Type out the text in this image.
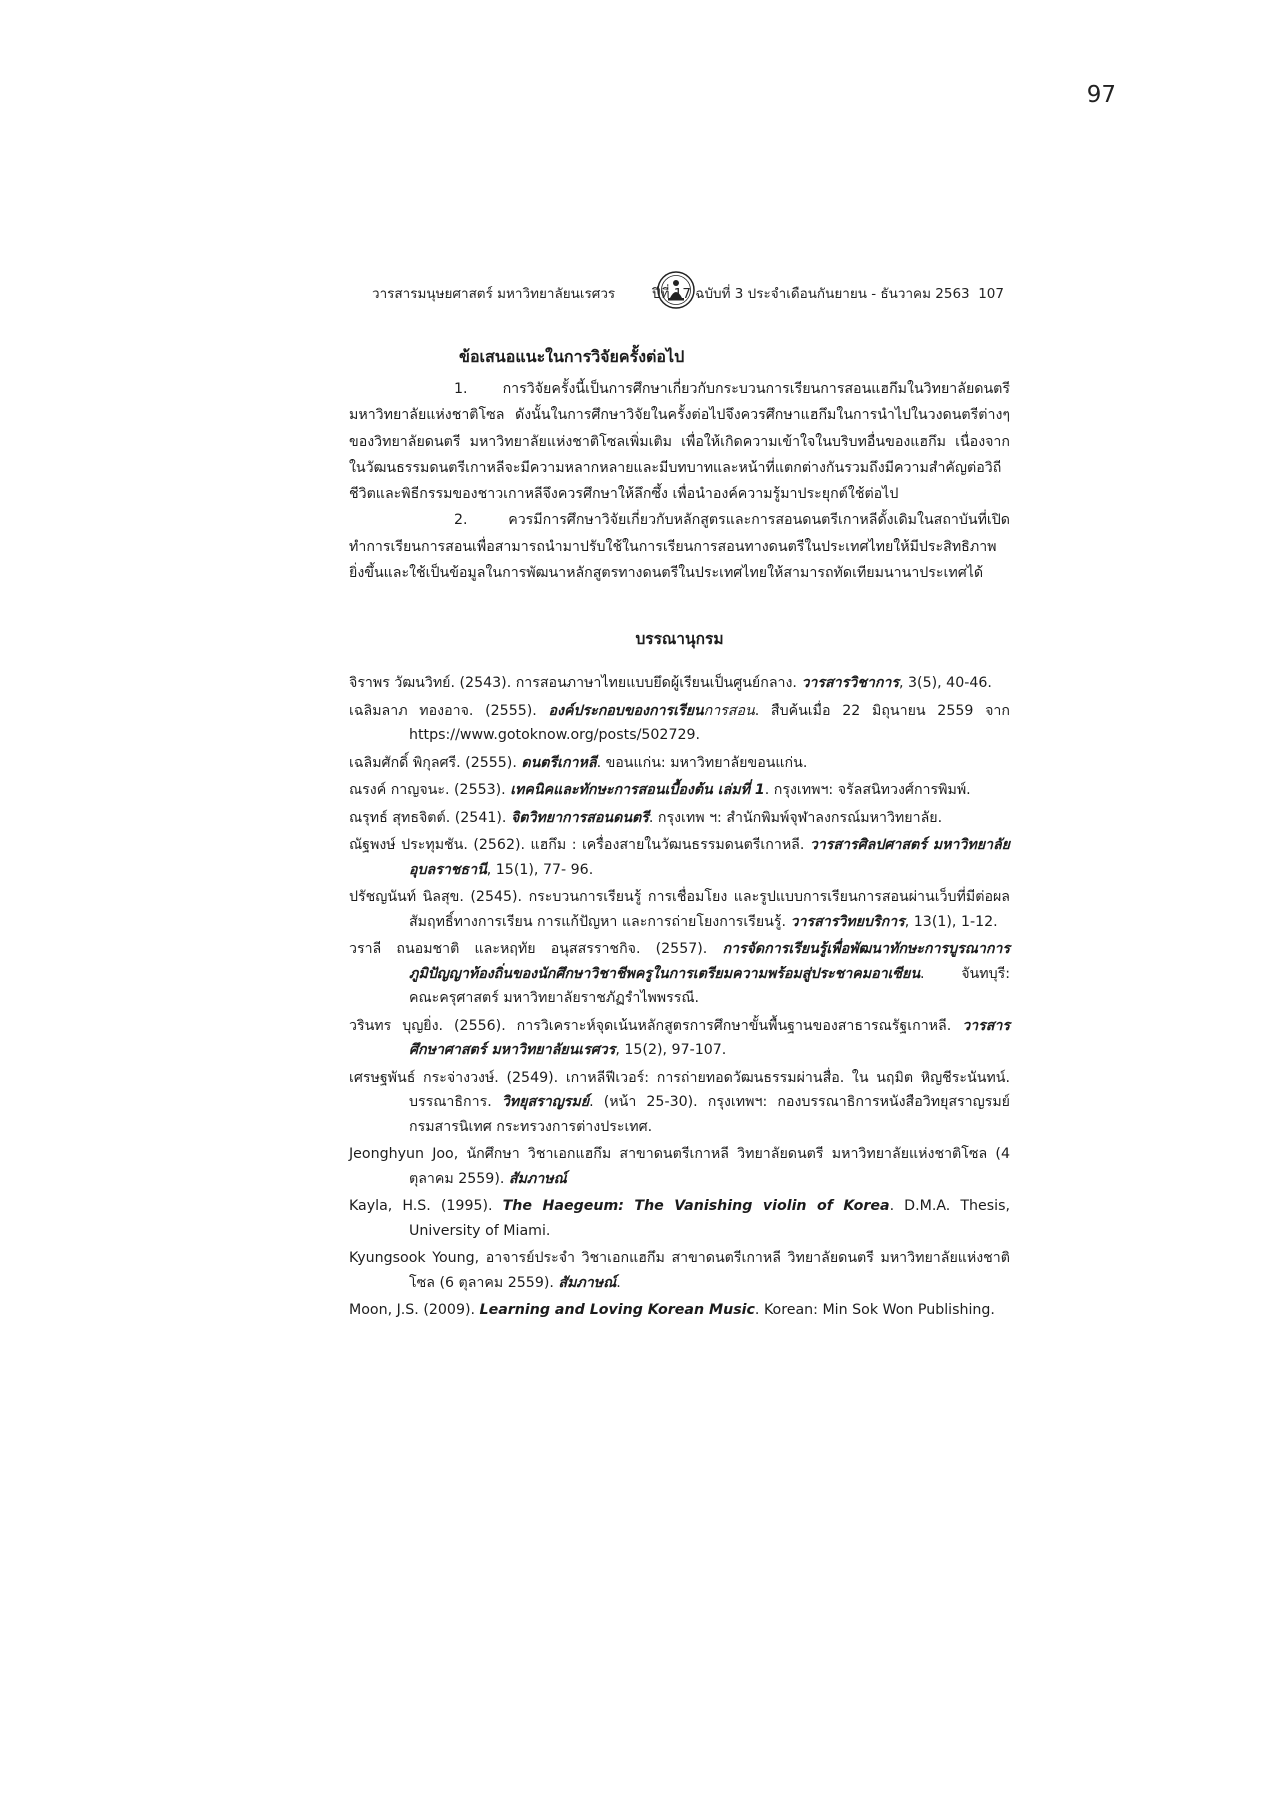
97
วารสารมนุษยศาสตร์ มหาวิทยาลัยนเรศวร	ปีที่ 17 ฉบับที่ 3 ประจำเดือนกันยายน - ธันวาคม 2563 107
ข้อเสนอแนะในการวิจัยครั้งต่อไป

1. การวิจัยครั้งนี้เป็นการศึกษาเกี่ยวกับกระบวนการเรียนการสอนแฮกึมในวิทยาลัยดนตรี มหาวิทยาลัยแห่งชาติโซล ดังนั้นในการศึกษาวิจัยในครั้งต่อไปจึงควรศึกษาแฮกึมในการนำไปในวงดนตรีต่างๆ ของวิทยาลัยดนตรี มหาวิทยาลัยแห่งชาติโซลเพิ่มเติม เพื่อให้เกิดความเข้าใจในบริบทอื่นของแฮกึม เนื่องจากในวัฒนธรรมดนตรีเกาหลีจะมีความหลากหลายและมีบทบาทและหน้าที่แตกต่างกันรวมถึงมีความสำคัญต่อวิถีชีวิตและพิธีกรรมของชาวเกาหลีจึงควรศึกษาให้ลึกซึ้ง เพื่อนำองค์ความรู้มาประยุกต์ใช้ต่อไป

2.	ควรมีการศึกษาวิจัยเกี่ยวกับหลักสูตรและการสอนดนตรีเกาหลีดั้งเดิมในสถาบันที่เปิดทำการเรียนการสอนเพื่อสามารถนำมาปรับใช้ในการเรียนการสอนทางดนตรีในประเทศไทยให้มีประสิทธิภาพยิ่งขึ้นและใช้เป็นข้อมูลในการพัฒนาหลักสูตรทางดนตรีในประเทศไทยให้สามารถทัดเทียมนานาประเทศได้

บรรณานุกรม

จิราพร วัฒนวิทย์. (2543). การสอนภาษาไทยแบบยึดผู้เรียนเป็นศูนย์กลาง. วารสารวิชาการ, 3(5), 40-46.

เฉลิมลาภ ทองอาจ. (2555). องค์ประกอบของการเรียนการสอน. สืบค้นเมื่อ 22 มิถุนายน 2559 จาก https://www.gotoknow.org/posts/502729.

เฉลิมศักดิ์ พิกุลศรี. (2555). ดนตรีเกาหลี. ขอนแก่น: มหาวิทยาลัยขอนแก่น.

ณรงค์ กาญจนะ. (2553). เทคนิคและทักษะการสอนเบื้องต้น เล่มที่ 1. กรุงเทพฯ: จรัลสนิทวงศ์การพิมพ์.

ณรุทธ์ สุทธจิตต์. (2541). จิตวิทยาการสอนดนตรี. กรุงเทพ ฯ: สำนักพิมพ์จุฬาลงกรณ์มหาวิทยาลัย.

ณัฐพงษ์ ประทุมชัน. (2562). แฮกึม : เครื่องสายในวัฒนธรรมดนตรีเกาหลี. วารสารศิลปศาสตร์ มหาวิทยาลัยอุบลราชธานี, 15(1), 77- 96.

ปรัชญนันท์ นิลสุข. (2545). กระบวนการเรียนรู้ การเชื่อมโยง และรูปแบบการเรียนการสอนผ่านเว็บที่มีต่อผลสัมฤทธิ์ทางการเรียน การแก้ปัญหา และการถ่ายโยงการเรียนรู้. วารสารวิทยบริการ, 13(1), 1-12.

วราลี ถนอมชาติ และหฤทัย อนุสสรราชกิจ. (2557). การจัดการเรียนรู้เพื่อพัฒนาทักษะการบูรณาการภูมิปัญญาท้องถิ่นของนักศึกษาวิชาชีพครูในการเตรียมความพร้อมสู่ประชาคมอาเซียน. จันทบุรี: คณะครุศาสตร์ มหาวิทยาลัยราชภัฏรำไพพรรณี.

วรินทร บุญยิ่ง. (2556). การวิเคราะห์จุดเน้นหลักสูตรการศึกษาขั้นพื้นฐานของสาธารณรัฐเกาหลี. วารสารศึกษาศาสตร์ มหาวิทยาลัยนเรศวร, 15(2), 97-107.

เศรษฐพันธ์ กระจ่างวงษ์. (2549). เกาหลีฟีเวอร์: การถ่ายทอดวัฒนธรรมผ่านสื่อ. ใน นฤมิต หิญชีระนันทน์. บรรณาธิการ. วิทยุสราญรมย์. (หน้า 25-30). กรุงเทพฯ: กองบรรณาธิการหนังสือวิทยุสราญรมย์ กรมสารนิเทศ กระทรวงการต่างประเทศ.

Jeonghyun Joo, นักศึกษา วิชาเอกแฮกึม สาขาดนตรีเกาหลี วิทยาลัยดนตรี มหาวิทยาลัยแห่งชาติโซล (4 ตุลาคม 2559). สัมภาษณ์

Kayla, H.S. (1995). The Haegeum: The Vanishing violin of Korea. D.M.A. Thesis, University of Miami.

Kyungsook Young, อาจารย์ประจำ วิชาเอกแฮกึม สาขาดนตรีเกาหลี วิทยาลัยดนตรี มหาวิทยาลัยแห่งชาติโซล (6 ตุลาคม 2559). สัมภาษณ์.

Moon, J.S. (2009). Learning and Loving Korean Music. Korean: Min Sok Won Publishing.
